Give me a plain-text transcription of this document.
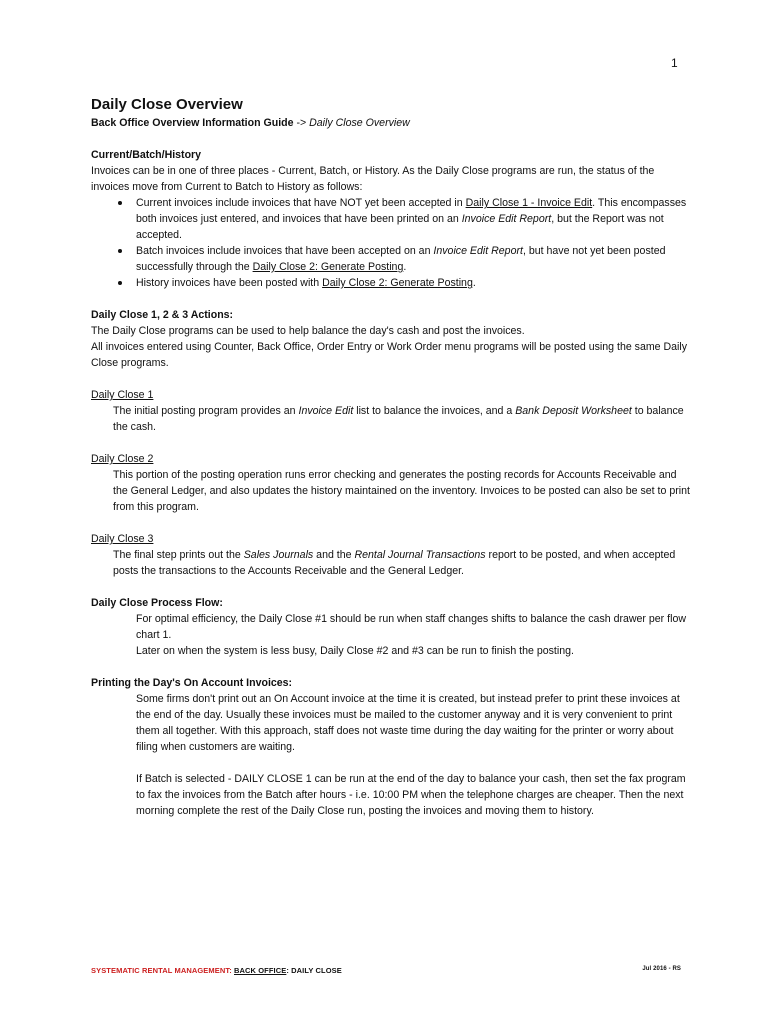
1
Daily Close Overview
Back Office Overview Information Guide -> Daily Close Overview

Current/Batch/History

Invoices can be in one of three places - Current, Batch, or History. As the Daily Close programs are run, the status of the invoices move from Current to Batch to History as follows:

Current invoices include invoices that have NOT yet been accepted in Daily Close 1 - Invoice Edit. This encompasses both invoices just entered, and invoices that have been printed on an Invoice Edit Report, but the Report was not accepted.
Batch invoices include invoices that have been accepted on an Invoice Edit Report, but have not yet been posted successfully through the Daily Close 2: Generate Posting.
History invoices have been posted with Daily Close 2: Generate Posting.

Daily Close 1, 2 & 3 Actions:

The Daily Close programs can be used to help balance the day's cash and post the invoices.

All invoices entered using Counter, Back Office, Order Entry or Work Order menu programs will be posted using the same Daily Close programs.

Daily Close 1

The initial posting program provides an Invoice Edit list to balance the invoices, and a Bank Deposit Worksheet to balance the cash.

Daily Close 2

This portion of the posting operation runs error checking and generates the posting records for Accounts Receivable and the General Ledger, and also updates the history maintained on the inventory. Invoices to be posted can also be set to print from this program.

Daily Close 3

The final step prints out the Sales Journals and the Rental Journal Transactions report to be posted, and when accepted posts the transactions to the Accounts Receivable and the General Ledger.

Daily Close Process Flow:

For optimal efficiency, the Daily Close #1 should be run when staff changes shifts to balance the cash drawer per flow chart 1.

Later on when the system is less busy, Daily Close #2 and #3 can be run to finish the posting.

Printing the Day's On Account Invoices:

Some firms don't print out an On Account invoice at the time it is created, but instead prefer to print these invoices at the end of the day. Usually these invoices must be mailed to the customer anyway and it is very convenient to print them all together. With this approach, staff does not waste time during the day waiting for the printer or worry about filing when customers are waiting.

If Batch is selected - DAILY CLOSE 1 can be run at the end of the day to balance your cash, then set the fax program to fax the invoices from the Batch after hours - i.e. 10:00 PM when the telephone charges are cheaper. Then the next morning complete the rest of the Daily Close run, posting the invoices and moving them to history.

SYSTEMATIC RENTAL MANAGEMENT: BACK OFFICE: DAILY CLOSE	Jul 2016 - RS
